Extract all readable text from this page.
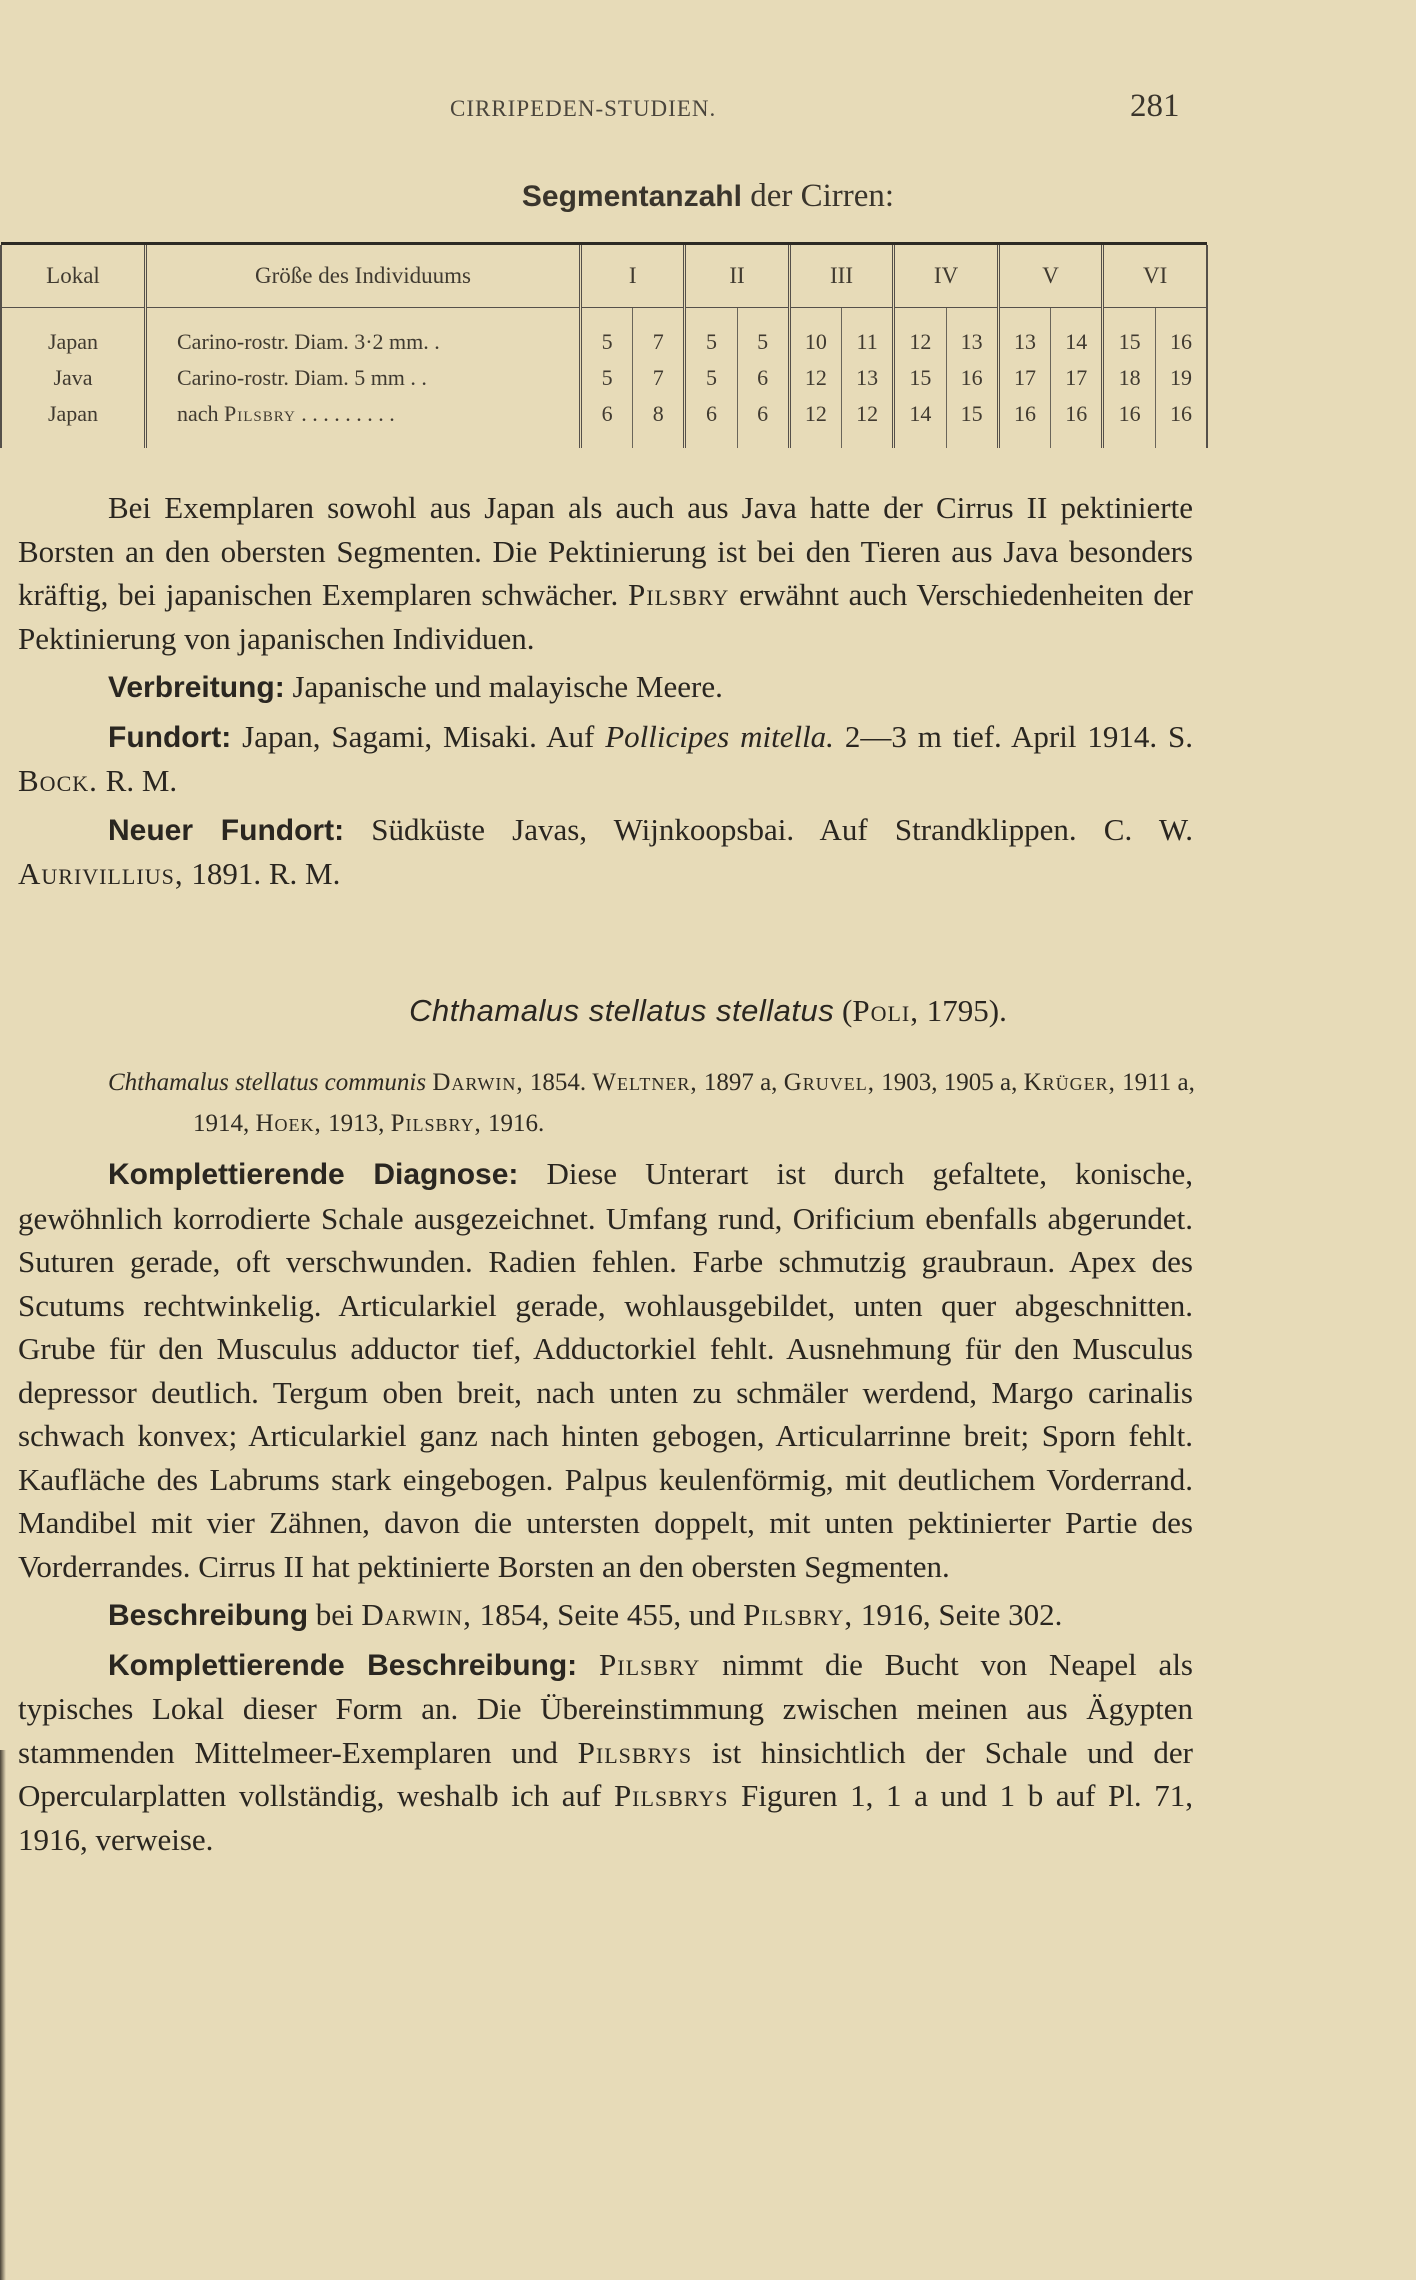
CIRRIPEDEN-STUDIEN.	281
Segmentanzahl der Cirren:

Lokal	Größe des Individuums	I		II		III		IV		V		VI	

Japan	Carino-rostr. Diam. 3·2 mm. .	5	7	5	5	10	11	12	13	13	14	15	16
Java	Carino-rostr. Diam. 5 mm . .	5	7	5	6	12	13	15	16	17	17	18	19
Japan	nach Pilsbry . . . . . . . . .	6	8	6	6	12	12	14	15	16	16	16	16

Bei Exemplaren sowohl aus Japan als auch aus Java hatte der Cirrus II pektinierte Borsten an den obersten Segmenten. Die Pektinierung ist bei den Tieren aus Java besonders kräftig, bei japanischen Exemplaren schwächer. Pilsbry erwähnt auch Verschiedenheiten der Pektinierung von japanischen Individuen.

Verbreitung: Japanische und malayische Meere.

Fundort: Japan, Sagami, Misaki. Auf Pollicipes mitella. 2—3 m tief. April 1914. S. Bock. R. M.

Neuer Fundort: Südküste Javas, Wijnkoopsbai. Auf Strandklippen. C. W. Aurivillius, 1891. R. M.

Chthamalus stellatus stellatus (Poli, 1795).

Chthamalus stellatus communis Darwin, 1854. Weltner, 1897 a, Gruvel, 1903, 1905 a, Krüger, 1911 a, 1914, Hoek, 1913, Pilsbry, 1916.

Komplettierende Diagnose: Diese Unterart ist durch gefaltete, konische, gewöhnlich korrodierte Schale ausgezeichnet. Umfang rund, Orificium ebenfalls abgerundet. Suturen gerade, oft verschwunden. Radien fehlen. Farbe schmutzig graubraun. Apex des Scutums rechtwinkelig. Articularkiel gerade, wohlausgebildet, unten quer abgeschnitten. Grube für den Musculus adductor tief, Adductorkiel fehlt. Ausnehmung für den Musculus depressor deutlich. Tergum oben breit, nach unten zu schmäler werdend, Margo carinalis schwach konvex; Articularkiel ganz nach hinten gebogen, Articularrinne breit; Sporn fehlt. Kaufläche des Labrums stark eingebogen. Palpus keulenförmig, mit deutlichem Vorderrand. Mandibel mit vier Zähnen, davon die untersten doppelt, mit unten pektinierter Partie des Vorderrandes. Cirrus II hat pektinierte Borsten an den obersten Segmenten.

Beschreibung bei Darwin, 1854, Seite 455, und Pilsbry, 1916, Seite 302.

Komplettierende Beschreibung: Pilsbry nimmt die Bucht von Neapel als typisches Lokal dieser Form an. Die Übereinstimmung zwischen meinen aus Ägypten stammenden Mittelmeer-Exemplaren und Pilsbrys ist hinsichtlich der Schale und der Opercularplatten vollständig, weshalb ich auf Pilsbrys Figuren 1, 1 a und 1 b auf Pl. 71, 1916, verweise.
